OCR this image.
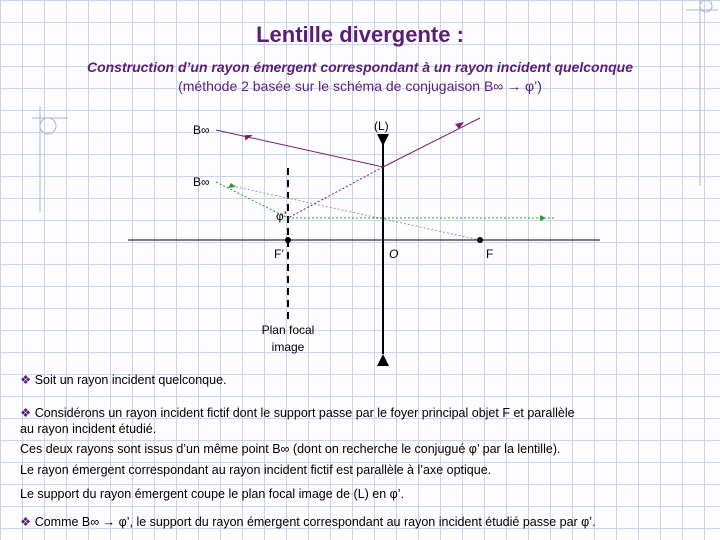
Lentille divergente :
Construction d’un rayon émergent correspondant à un rayon incident quelconque
(méthode 2 basée sur le schéma de conjugaison B∞ → φ’)
(L)
B∞
B∞
φ’
F’	O	F
Plan focal
image
❖ Soit un rayon incident quelconque.
❖ Considérons un rayon incident fictif dont le support passe par le foyer principal objet F et parallèle
au rayon incident étudié.
Ces deux rayons sont issus d’un même point B∞ (dont on recherche le conjugué φ’ par la lentille).
Le rayon émergent correspondant au rayon incident fictif est parallèle à l’axe optique.
Le support du rayon émergent coupe le plan focal image de (L) en φ’.
❖ Comme B∞ → φ’, le support du rayon émergent correspondant au rayon incident étudié passe par φ’.
